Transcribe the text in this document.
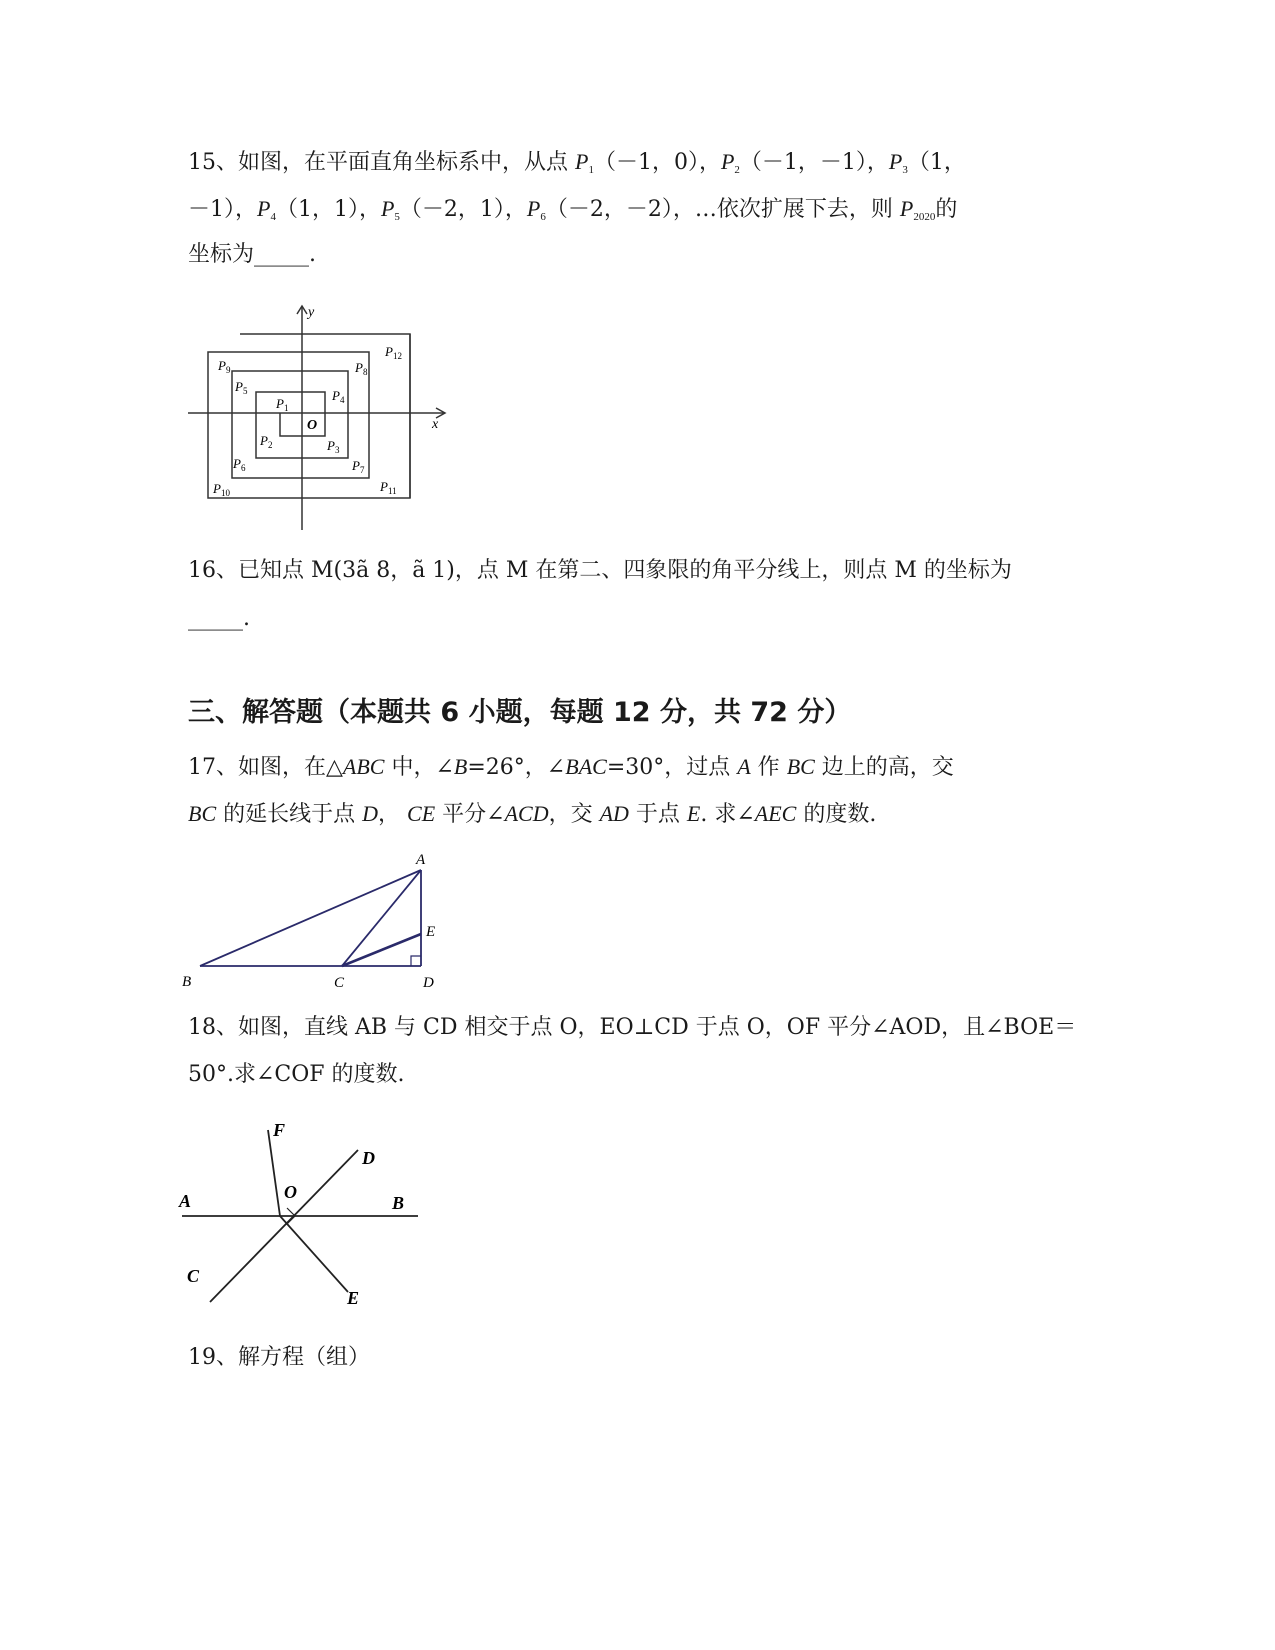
15、如图，在平面直角坐标系中，从点 $P_1(-1$，0），$P_2(-1$，－1），$P_3(1$，
－1），$P_4(1$，1），$P_5(-2$，1），$P_6(-2$，－2），…依次扩展下去，则 $P_{2020}$的
坐标为_____.
y
x
O
$P_1$
$P_2$	$P_3$
$P_4$
$P_5$
$P_6$	$P_7$
$P_8$
$P_9$
$P_{10}$	$P_{11}$
$P_{12}$
16、已知点 M(3ã 8，ã 1)，点 M 在第二、四象限的角平分线上，则点 M 的坐标为
_____.
三、解答题（本题共 6 小题，每题 12 分，共 72 分）
17、如图，在△ABC 中，∠B=26°，∠BAC=30°，过点 A 作 BC 边上的高，交
BC 的延长线于点 D， CE 平分∠ACD，交 AD 于点 E. 求∠AEC 的度数.
A
B	C	D
E
18、如图，直线 AB 与 CD 相交于点 O，EO⊥CD 于点 O，OF 平分∠AOD，且∠BOE＝
50°.求∠COF 的度数.
F
D
A	O
B
C
E
19、解方程（组）
